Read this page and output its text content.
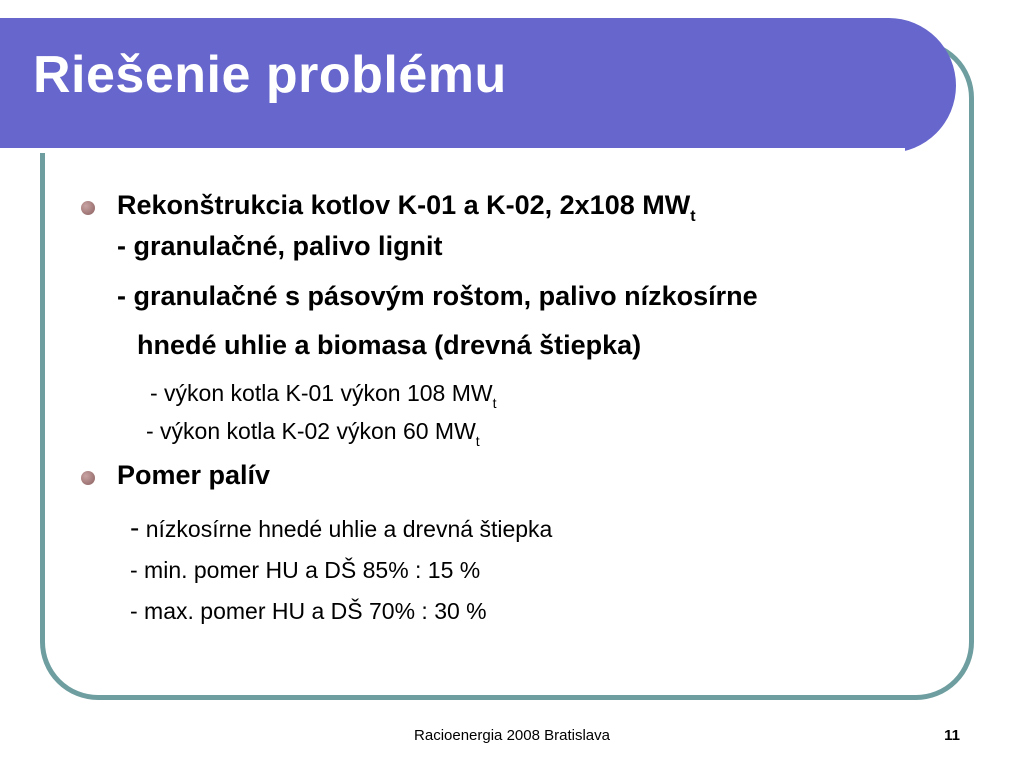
Riešenie problému

Rekonštrukcia kotlov K-01 a K-02, 2x108 $MW_t$

- granulačné, palivo lignit

- granulačné s pásovým roštom, palivo nízkosírne

hnedé uhlie a biomasa (drevná štiepka)

- výkon kotla K-01 výkon 108 $MW_t$

- výkon kotla K-02 výkon 60 $MW_t$

Pomer palív

- nízkosírne hnedé uhlie a drevná štiepka

- min. pomer HU a DŠ 85% : 15 %

- max. pomer HU a DŠ 70% : 30 %

Racioenergia 2008 Bratislava	11
